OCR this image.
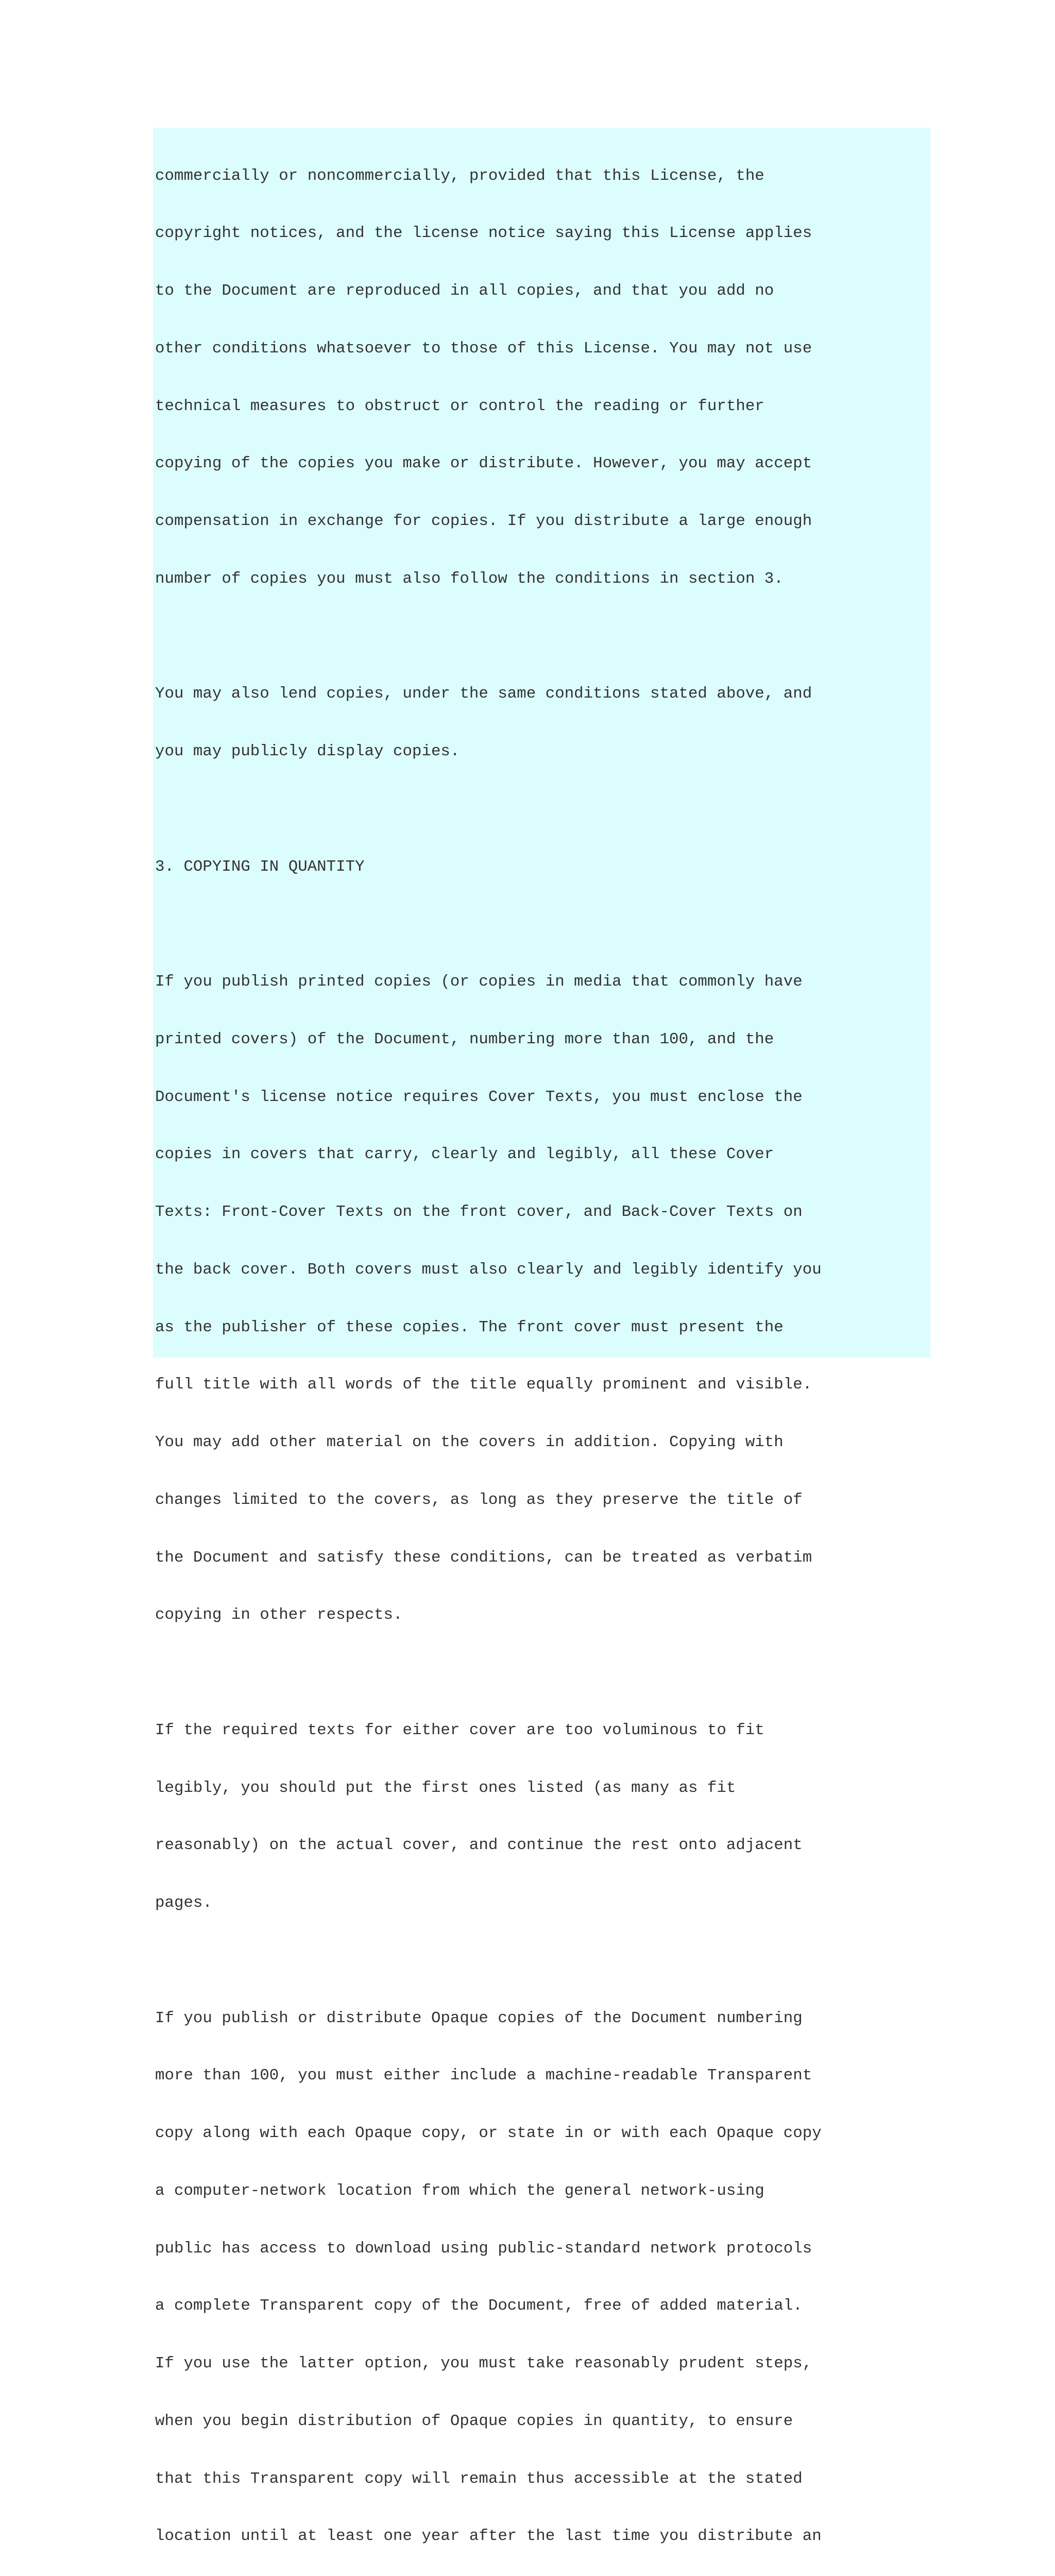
commercially or noncommercially, provided that this License, the

copyright notices, and the license notice saying this License applies

to the Document are reproduced in all copies, and that you add no

other conditions whatsoever to those of this License. You may not use

technical measures to obstruct or control the reading or further

copying of the copies you make or distribute. However, you may accept

compensation in exchange for copies. If you distribute a large enough

number of copies you must also follow the conditions in section 3.

You may also lend copies, under the same conditions stated above, and

you may publicly display copies.

3. COPYING IN QUANTITY

If you publish printed copies (or copies in media that commonly have

printed covers) of the Document, numbering more than 100, and the

Document's license notice requires Cover Texts, you must enclose the

copies in covers that carry, clearly and legibly, all these Cover

Texts: Front-Cover Texts on the front cover, and Back-Cover Texts on

the back cover. Both covers must also clearly and legibly identify you

as the publisher of these copies. The front cover must present the

full title with all words of the title equally prominent and visible.

You may add other material on the covers in addition. Copying with

changes limited to the covers, as long as they preserve the title of

the Document and satisfy these conditions, can be treated as verbatim

copying in other respects.

If the required texts for either cover are too voluminous to fit

legibly, you should put the first ones listed (as many as fit

reasonably) on the actual cover, and continue the rest onto adjacent

pages.

If you publish or distribute Opaque copies of the Document numbering

more than 100, you must either include a machine-readable Transparent

copy along with each Opaque copy, or state in or with each Opaque copy

a computer-network location from which the general network-using

public has access to download using public-standard network protocols

a complete Transparent copy of the Document, free of added material.

If you use the latter option, you must take reasonably prudent steps,

when you begin distribution of Opaque copies in quantity, to ensure

that this Transparent copy will remain thus accessible at the stated

location until at least one year after the last time you distribute an
